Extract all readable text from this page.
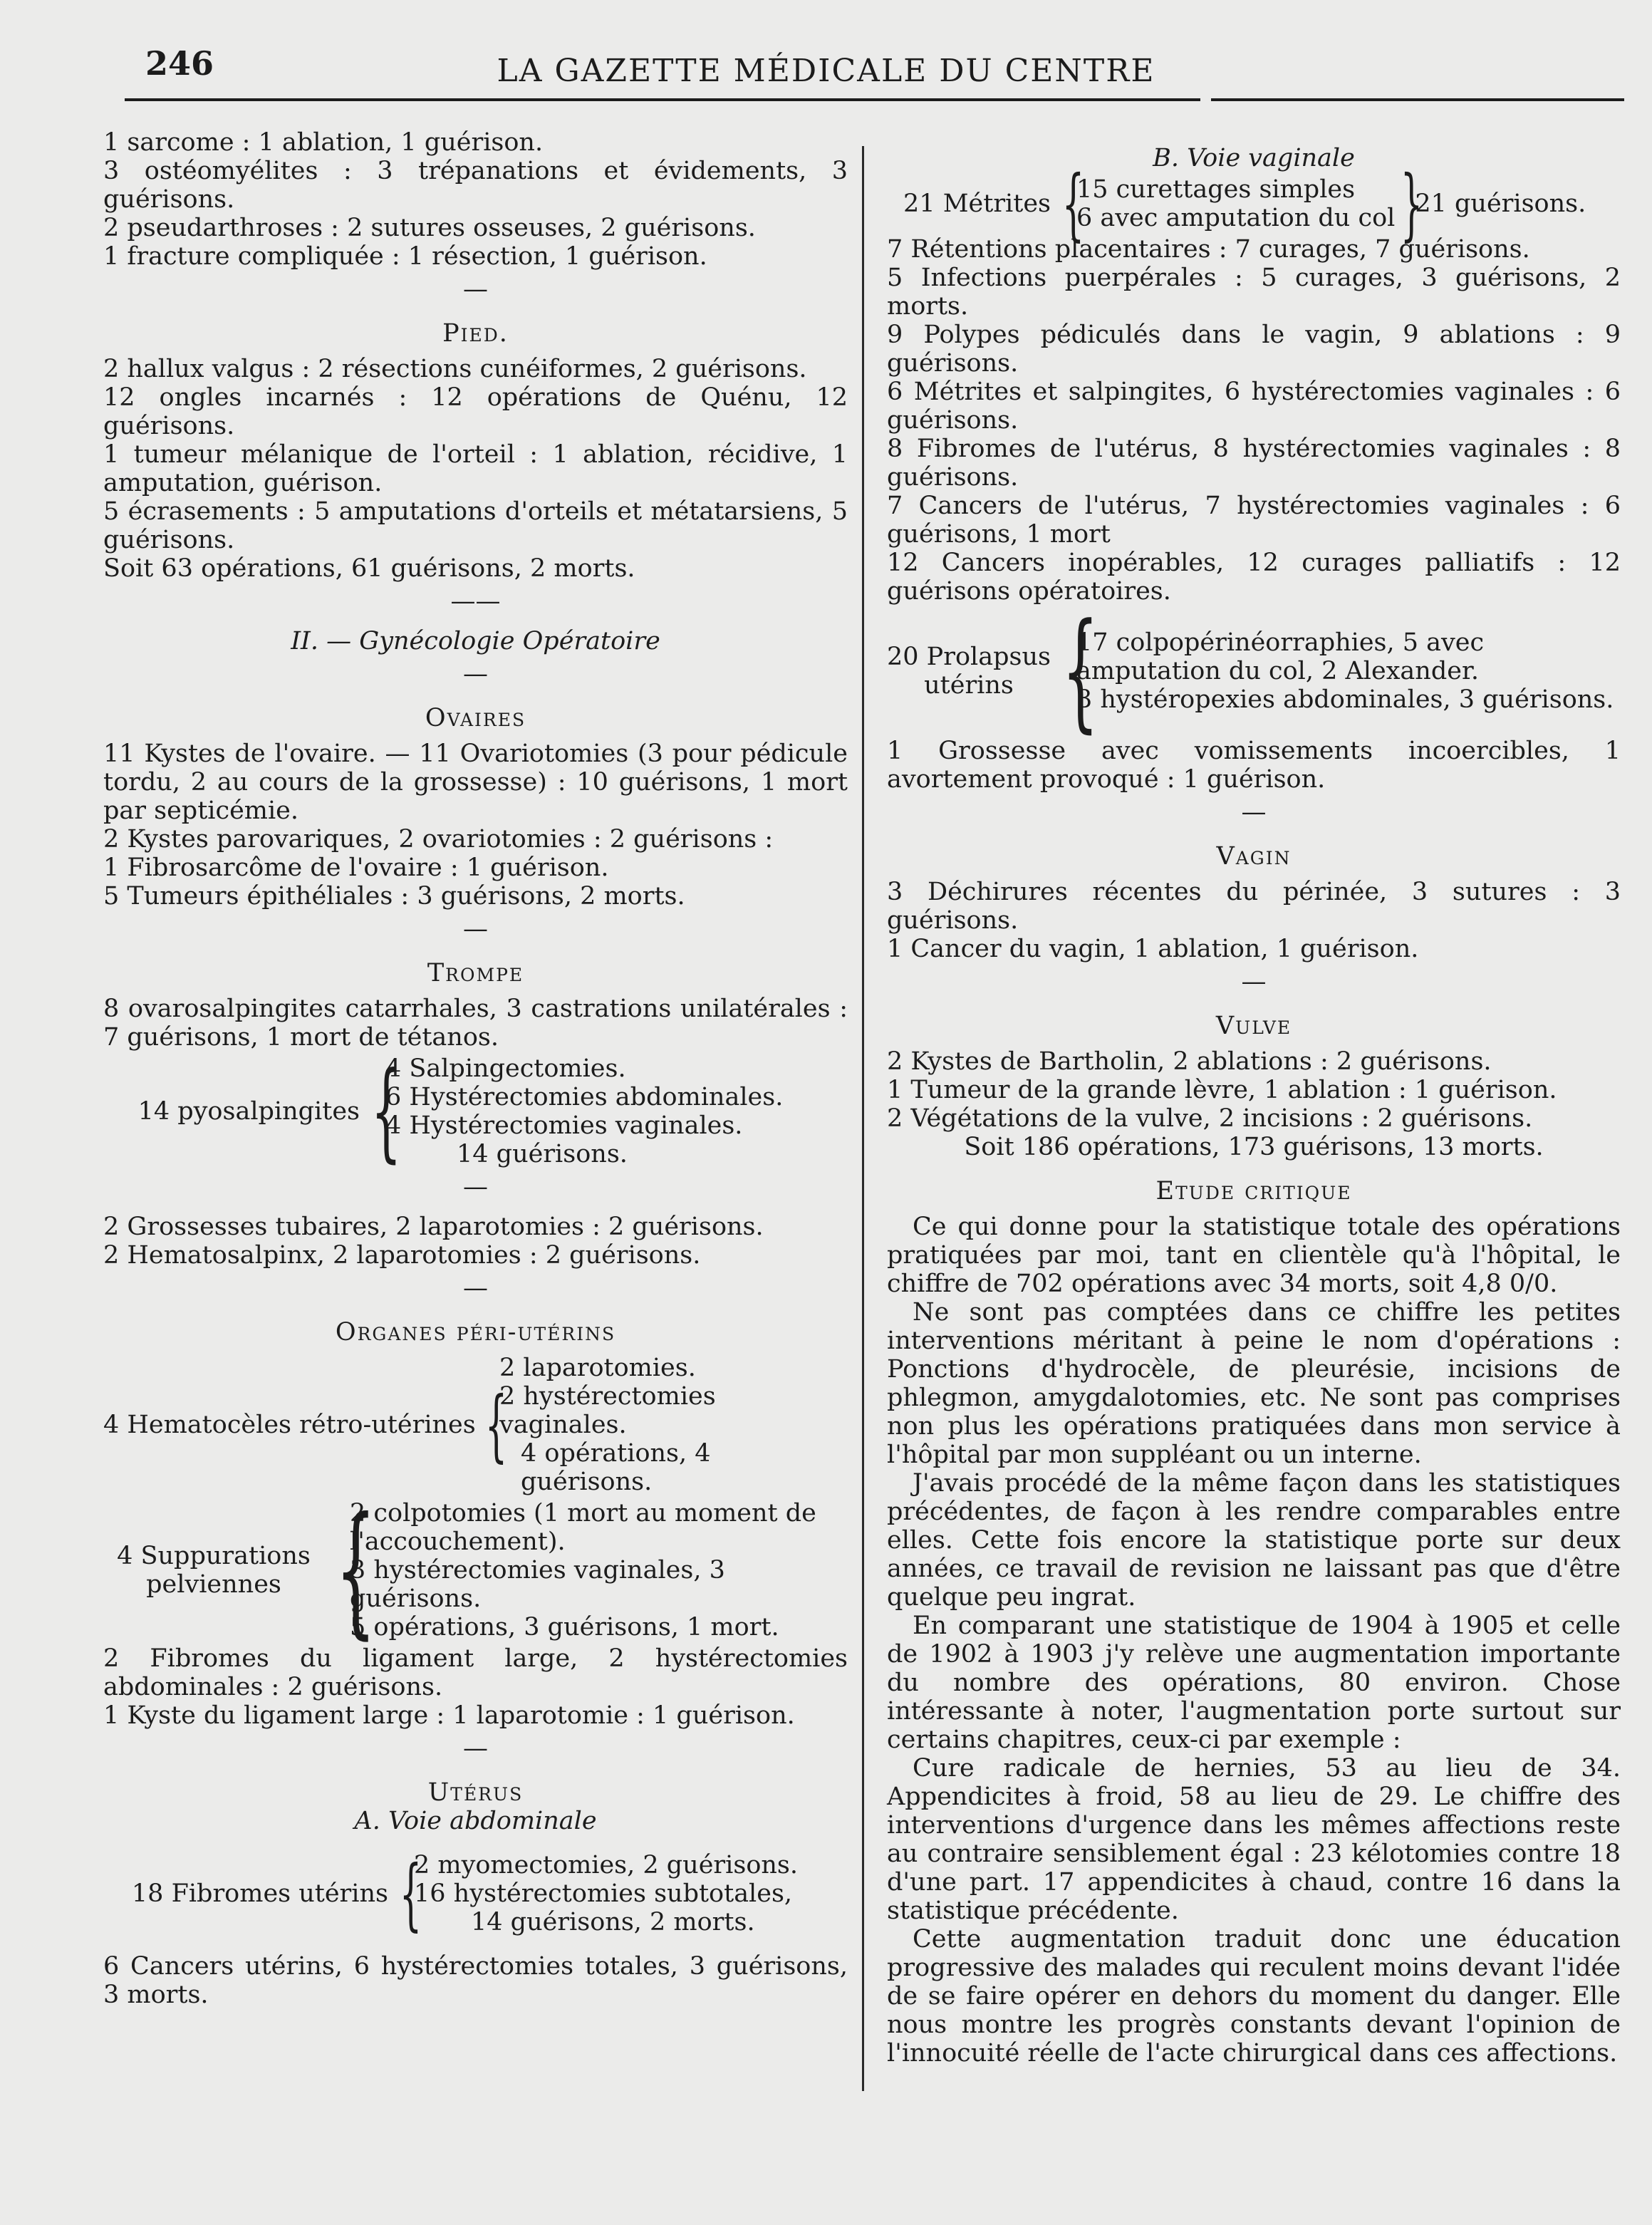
246	LA GAZETTE MÉDICALE DU CENTRE

1 sarcome : 1 ablation, 1 guérison.

3 ostéomyélites : 3 trépanations et évidements, 3 guérisons.

2 pseudarthroses : 2 sutures osseuses, 2 guérisons.

1 fracture compliquée : 1 résection, 1 guérison.

—
Pied.

2 hallux valgus : 2 résections cunéiformes, 2 guérisons.

12 ongles incarnés : 12 opérations de Quénu, 12 guérisons.

1 tumeur mélanique de l'orteil : 1 ablation, récidive, 1 amputation, guérison.

5 écrasements : 5 amputations d'orteils et métatarsiens, 5 guérisons.

Soit 63 opérations, 61 guérisons, 2 morts.

——

II. — Gynécologie Opératoire

—
Ovaires

11 Kystes de l'ovaire. — 11 Ovariotomies (3 pour pédicule tordu, 2 au cours de la grossesse) : 10 guérisons, 1 mort par septicémie.

2 Kystes parovariques, 2 ovariotomies : 2 guérisons :

1 Fibrosarcôme de l'ovaire : 1 guérison.

5 Tumeurs épithéliales : 3 guérisons, 2 morts.

—
Trompe

8 ovarosalpingites catarrhales, 3 castrations unilatérales : 7 guérisons, 1 mort de tétanos.

14 pyosalpingites {
4 Salpingectomies.
6 Hystérectomies abdominales.
4 Hystérectomies vaginales.
14 guérisons.
—

2 Grossesses tubaires, 2 laparotomies : 2 guérisons.

2 Hematosalpinx, 2 laparotomies : 2 guérisons.

—
Organes péri-utérins
4 Hematocèles rétro-utérines {
2 laparotomies.
2 hystérectomies vaginales.
4 opérations, 4 guérisons.
4 Suppurations pelviennes {
2 colpotomies (1 mort au moment de l'accouchement).
3 hystérectomies vaginales, 3 guérisons.
5 opérations, 3 guérisons, 1 mort.

2 Fibromes du ligament large, 2 hystérectomies abdominales : 2 guérisons.

1 Kyste du ligament large : 1 laparotomie : 1 guérison.

—
Utérus

A. Voie abdominale

18 Fibromes utérins {
2 myomectomies, 2 guérisons.
16 hystérectomies subtotales,
14 guérisons, 2 morts.

6 Cancers utérins, 6 hystérectomies totales, 3 guérisons, 3 morts.

B. Voie vaginale

21 Métrites {
15 curettages simples
6 avec amputation du col }
21 guérisons.

7 Rétentions placentaires : 7 curages, 7 guérisons.

5 Infections puerpérales : 5 curages, 3 guérisons, 2 morts.

9 Polypes pédiculés dans le vagin, 9 ablations : 9 guérisons.

6 Métrites et salpingites, 6 hystérectomies vaginales : 6 guérisons.

8 Fibromes de l'utérus, 8 hystérectomies vaginales : 8 guérisons.

7 Cancers de l'utérus, 7 hystérectomies vaginales : 6 guérisons, 1 mort

12 Cancers inopérables, 12 curages palliatifs : 12 guérisons opératoires.

20 Prolapsus utérins {
17 colpopérinéorraphies, 5 avec amputation du col, 2 Alexander.
3 hystéropexies abdominales, 3 guérisons.

1 Grossesse avec vomissements incoercibles, 1 avortement provoqué : 1 guérison.

—
Vagin

3 Déchirures récentes du périnée, 3 sutures : 3 guérisons.

1 Cancer du vagin, 1 ablation, 1 guérison.

—
Vulve

2 Kystes de Bartholin, 2 ablations : 2 guérisons.

1 Tumeur de la grande lèvre, 1 ablation : 1 guérison.

2 Végétations de la vulve, 2 incisions : 2 guérisons.

Soit 186 opérations, 173 guérisons, 13 morts.

Etude critique

Ce qui donne pour la statistique totale des opérations pratiquées par moi, tant en clientèle qu'à l'hôpital, le chiffre de 702 opérations avec 34 morts, soit 4,8 0/0.

Ne sont pas comptées dans ce chiffre les petites interventions méritant à peine le nom d'opérations : Ponctions d'hydrocèle, de pleurésie, incisions de phlegmon, amygdalotomies, etc. Ne sont pas comprises non plus les opérations pratiquées dans mon service à l'hôpital par mon suppléant ou un interne.

J'avais procédé de la même façon dans les statistiques précédentes, de façon à les rendre comparables entre elles. Cette fois encore la statistique porte sur deux années, ce travail de revision ne laissant pas que d'être quelque peu ingrat.

En comparant une statistique de 1904 à 1905 et celle de 1902 à 1903 j'y relève une augmentation importante du nombre des opérations, 80 environ. Chose intéressante à noter, l'augmentation porte surtout sur certains chapitres, ceux-ci par exemple :

Cure radicale de hernies, 53 au lieu de 34. Appendicites à froid, 58 au lieu de 29. Le chiffre des interventions d'urgence dans les mêmes affections reste au contraire sensiblement égal : 23 kélotomies contre 18 d'une part. 17 appendicites à chaud, contre 16 dans la statistique précédente.

Cette augmentation traduit donc une éducation progressive des malades qui reculent moins devant l'idée de se faire opérer en dehors du moment du danger. Elle nous montre les progrès constants devant l'opinion de l'innocuité réelle de l'acte chirurgical dans ces affections.
